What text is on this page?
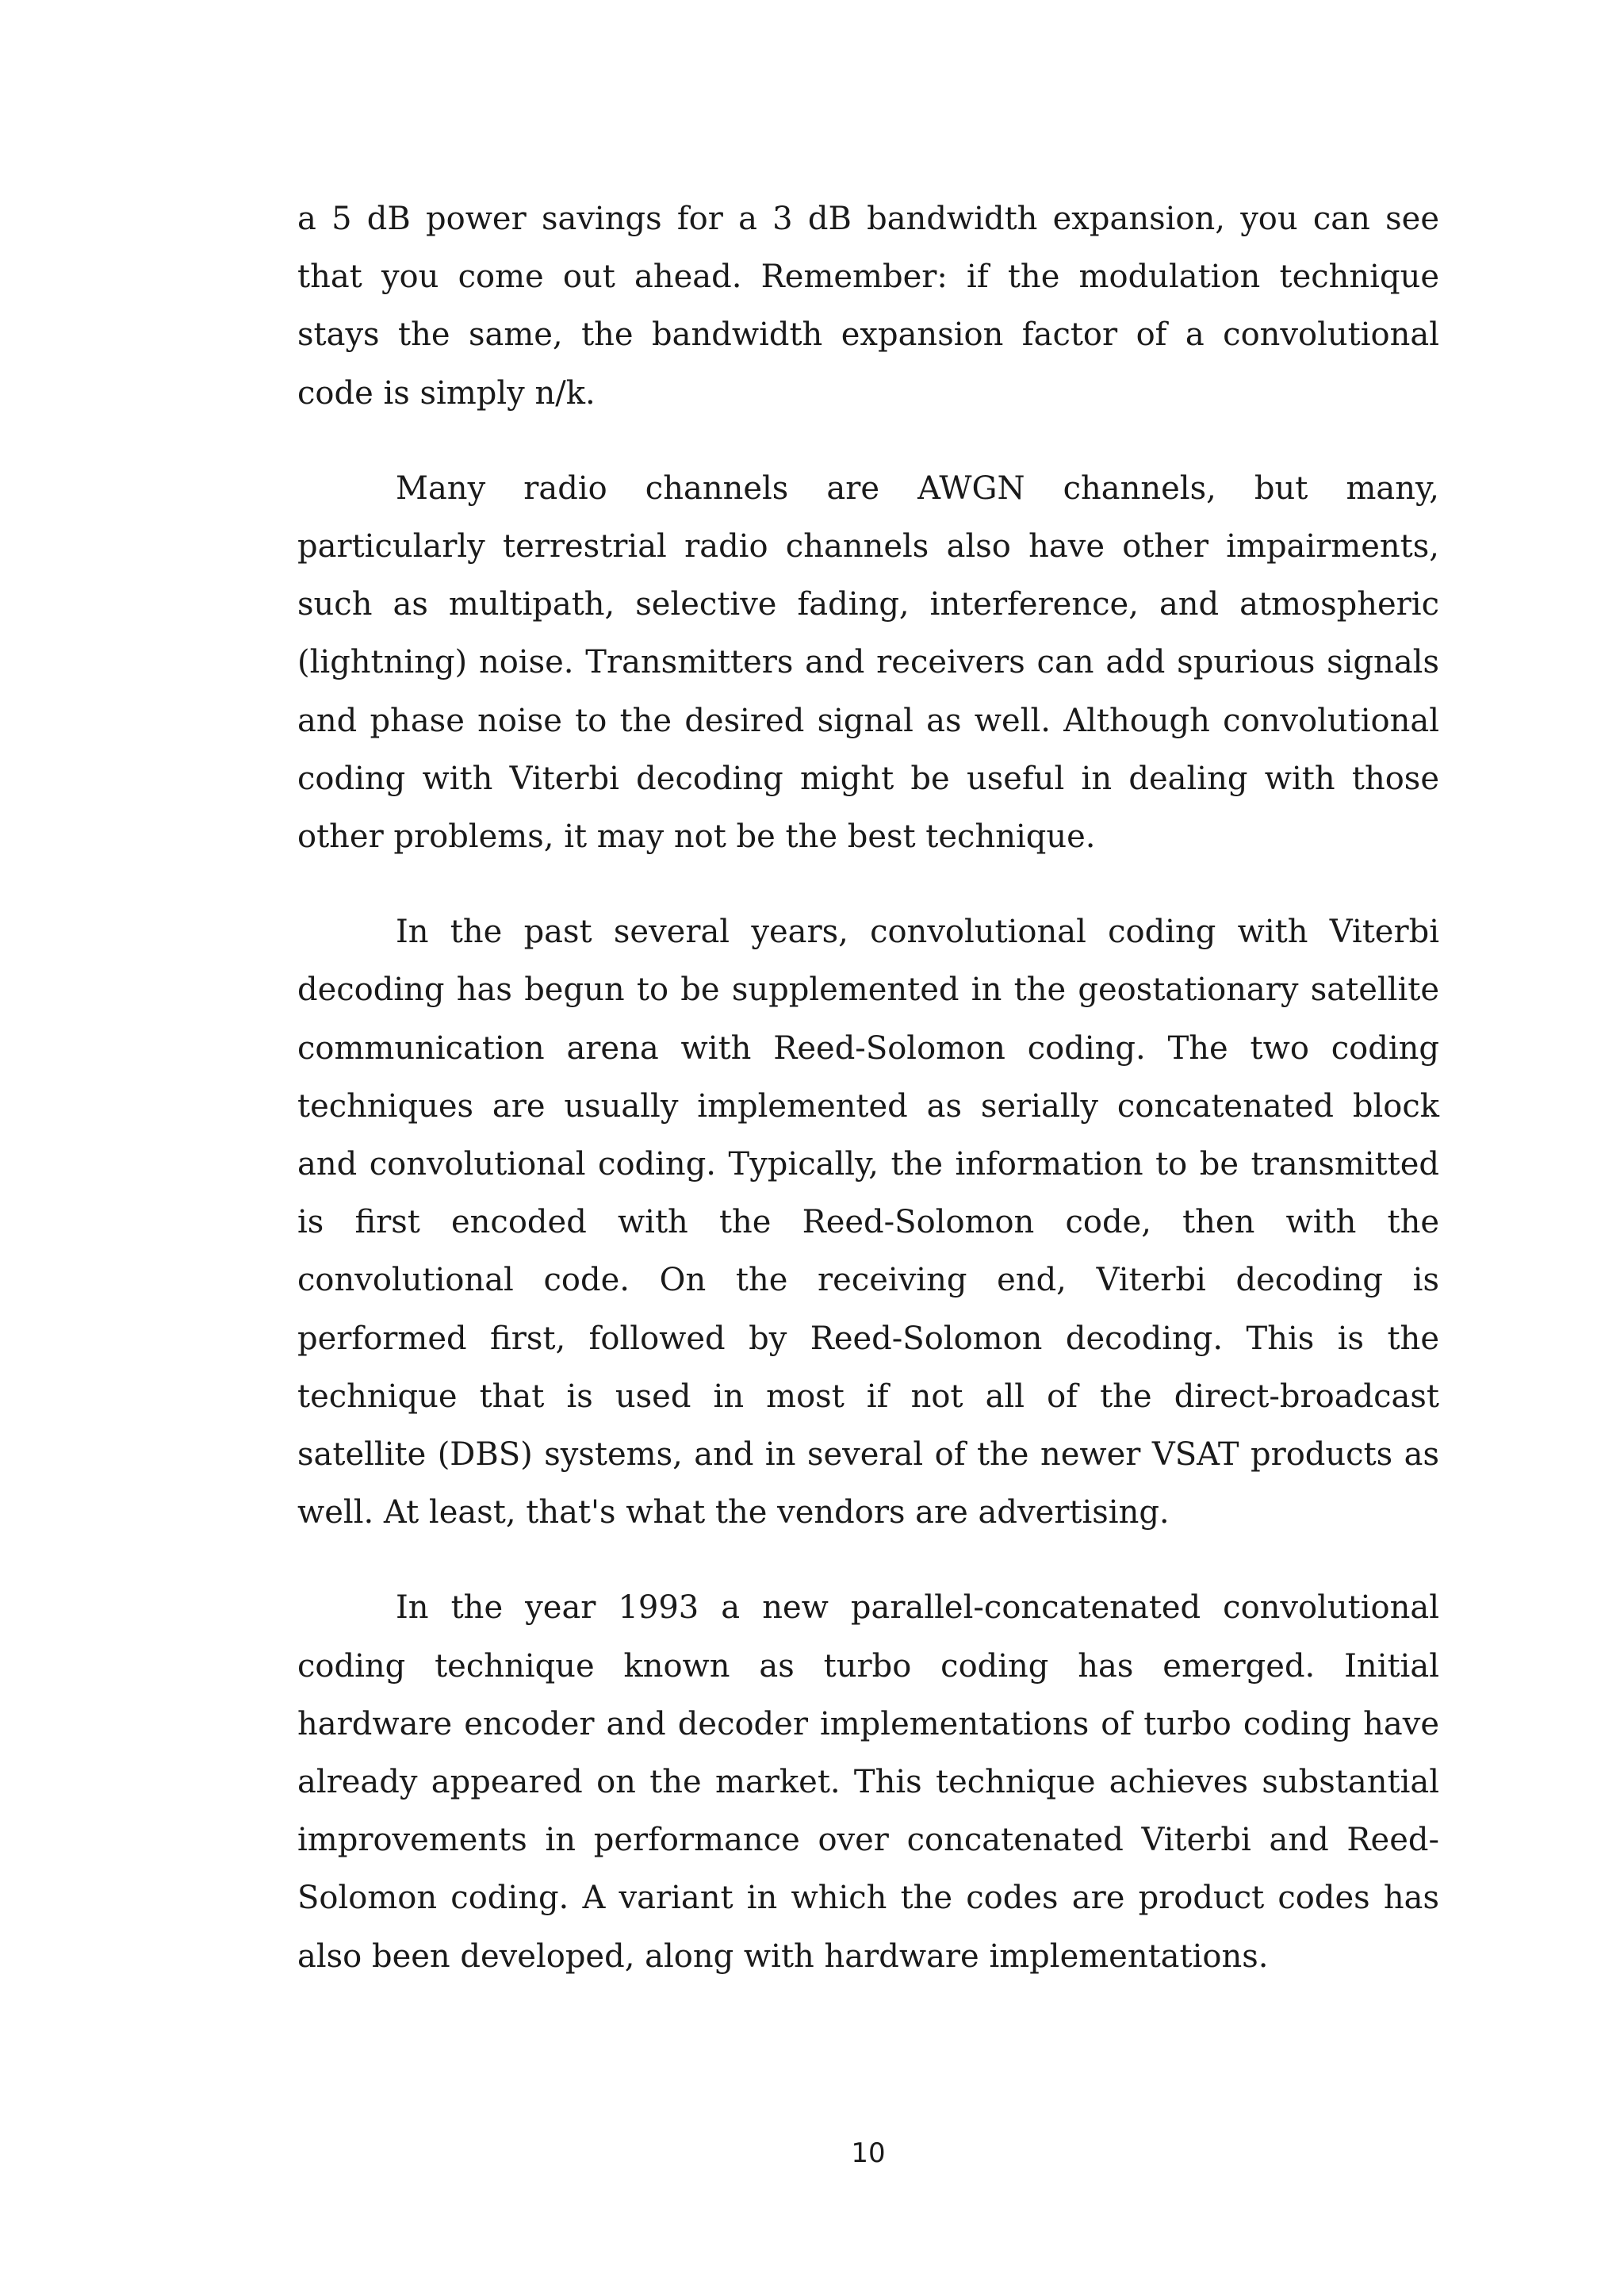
a 5 dB power savings for a 3 dB bandwidth expansion, you can see that you come out ahead. Remember: if the modulation technique stays the same, the bandwidth expansion factor of a convolutional code is simply n/k.

Many radio channels are AWGN channels, but many, particularly terrestrial radio channels also have other impairments, such as multipath, selective fading, interference, and atmospheric (lightning) noise. Transmitters and receivers can add spurious signals and phase noise to the desired signal as well. Although convolutional coding with Viterbi decoding might be useful in dealing with those other problems, it may not be the best technique.

In the past several years, convolutional coding with Viterbi decoding has begun to be supplemented in the geostationary satellite communication arena with Reed-Solomon coding. The two coding techniques are usually implemented as serially concatenated block and convolutional coding. Typically, the information to be transmitted is first encoded with the Reed-Solomon code, then with the convolutional code. On the receiving end, Viterbi decoding is performed first, followed by Reed-Solomon decoding. This is the technique that is used in most if not all of the direct-broadcast satellite (DBS) systems, and in several of the newer VSAT products as well. At least, that's what the vendors are advertising.

In the year 1993 a new parallel-concatenated convolutional coding technique known as turbo coding has emerged. Initial hardware encoder and decoder implementations of turbo coding have already appeared on the market. This technique achieves substantial improvements in performance over concatenated Viterbi and Reed-Solomon coding. A variant in which the codes are product codes has also been developed, along with hardware implementations.

10
